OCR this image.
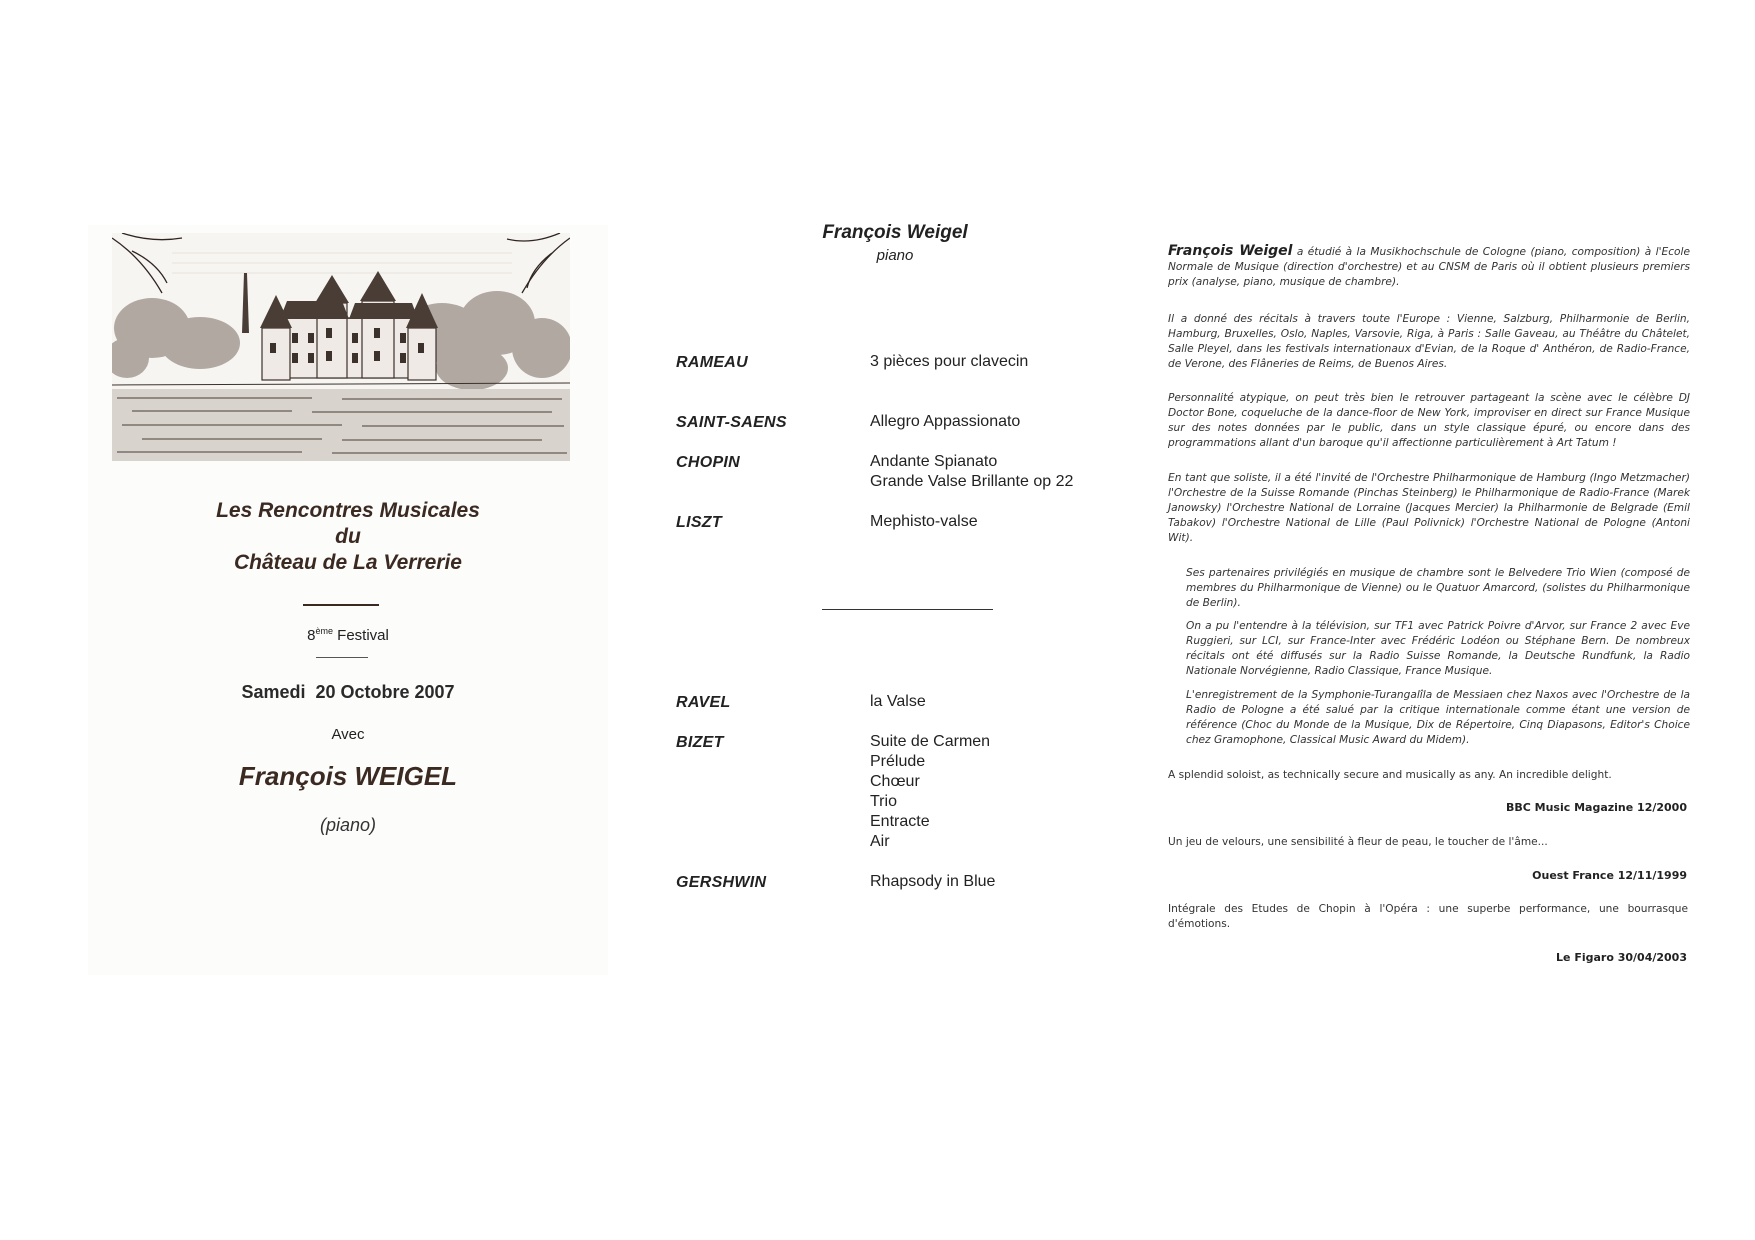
Les Rencontres Musicales
du
Château de La Verrerie
8ème Festival
Samedi  20 Octobre 2007
Avec
François WEIGEL
(piano)
François Weigel
piano
RAMEAU	3 pièces pour clavecin
SAINT-SAENS	Allegro Appassionato
CHOPIN	Andante Spianato
Grande Valse Brillante op 22
LISZT	Mephisto-valse
RAVEL	la Valse
BIZET	Suite de Carmen
Prélude
Chœur
Trio
Entracte
Air
GERSHWIN	Rhapsody in Blue
François Weigel a étudié à la Musikhochschule de Cologne (piano, composition) à l'Ecole Normale de Musique (direction d'orchestre) et au CNSM de Paris où il obtient plusieurs premiers prix (analyse, piano, musique de chambre).
Il a donné des récitals à travers toute l'Europe : Vienne, Salzburg, Philharmonie de Berlin, Hamburg, Bruxelles, Oslo, Naples, Varsovie, Riga, à Paris : Salle Gaveau, au Théâtre du Châtelet, Salle Pleyel, dans les festivals internationaux d'Evian, de la Roque d' Anthéron, de Radio-France, de Verone, des Flâneries de Reims, de Buenos Aires.
Personnalité atypique, on peut très bien le retrouver partageant la scène avec le célèbre DJ Doctor Bone, coqueluche de la dance-floor de New York, improviser en direct sur France Musique sur des notes données par le public, dans un style classique épuré, ou encore dans des programmations allant d'un baroque qu'il affectionne particulièrement à Art Tatum !
En tant que soliste, il a été l'invité de l'Orchestre Philharmonique de Hamburg (Ingo Metzmacher) l'Orchestre de la Suisse Romande (Pinchas Steinberg) le Philharmonique de Radio-France (Marek Janowsky) l'Orchestre National de Lorraine (Jacques Mercier) la Philharmonie de Belgrade (Emil Tabakov) l'Orchestre National de Lille (Paul Polivnick) l'Orchestre National de Pologne (Antoni Wit).
Ses partenaires privilégiés en musique de chambre sont le Belvedere Trio Wien (composé de membres du Philharmonique de Vienne) ou le Quatuor Amarcord, (solistes du Philharmonique de Berlin).
On a pu l'entendre à la télévision, sur TF1 avec Patrick Poivre d'Arvor, sur France 2 avec Eve Ruggieri, sur LCI, sur France-Inter avec Frédéric Lodéon ou Stéphane Bern. De nombreux récitals ont été diffusés sur la Radio Suisse Romande, la Deutsche Rundfunk, la Radio Nationale Norvégienne, Radio Classique, France Musique.
L'enregistrement de la Symphonie-Turangalîla de Messiaen chez Naxos avec l'Orchestre de la Radio de Pologne a été salué par la critique internationale comme étant une version de référence (Choc du Monde de la Musique, Dix de Répertoire, Cinq Diapasons, Editor's Choice chez Gramophone, Classical Music Award du Midem).
A splendid soloist, as technically secure and musically as any. An incredible delight.
BBC Music Magazine 12/2000
Un jeu de velours, une sensibilité à fleur de peau, le toucher de l'âme...
Ouest France 12/11/1999
Intégrale des Etudes de Chopin à l'Opéra : une superbe performance, une bourrasque d'émotions.
Le Figaro 30/04/2003
